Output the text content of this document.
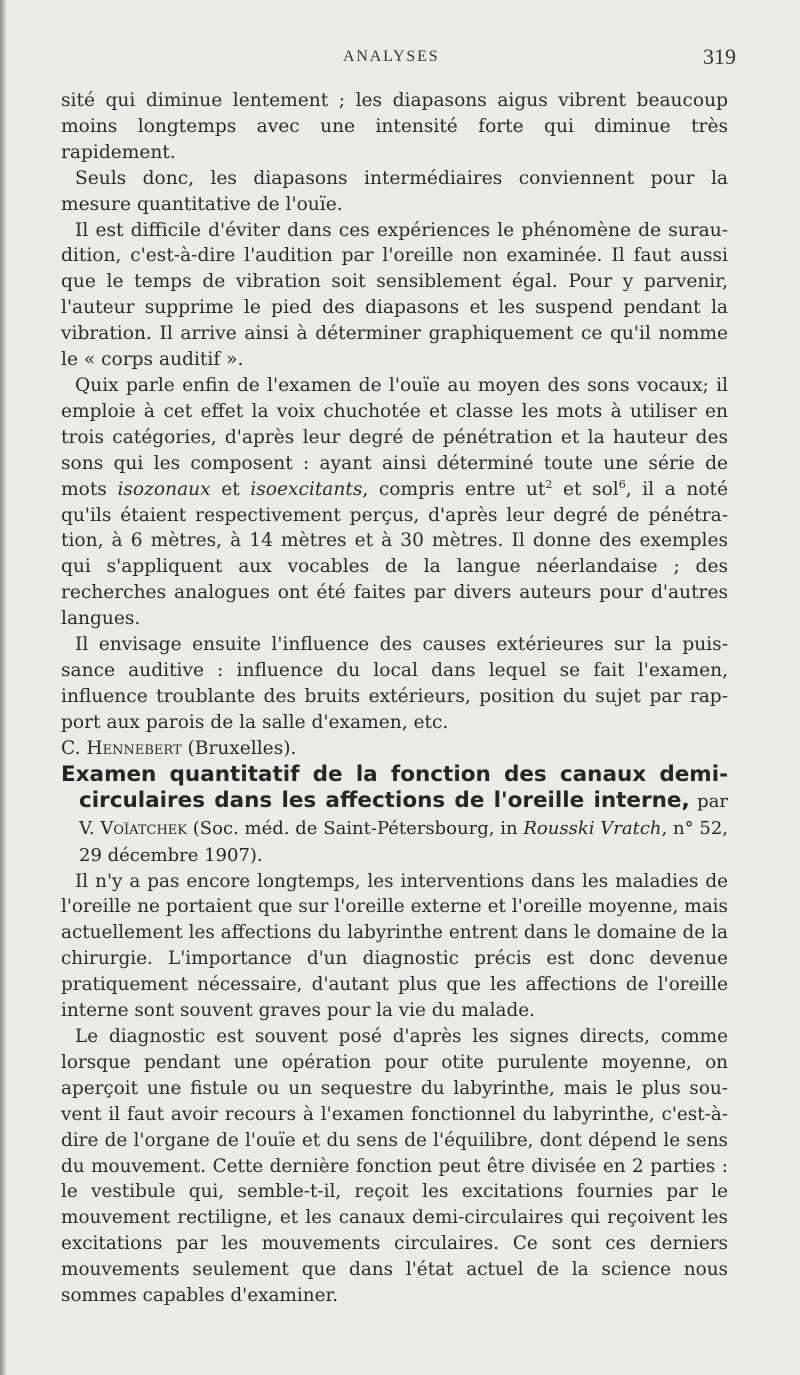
ANALYSES	319

sité qui diminue lentement ; les diapasons aigus vibrent beaucoup moins longtemps avec une intensité forte qui diminue très rapidement.

Seuls donc, les diapasons intermédiaires conviennent pour la mesure quantitative de l'ouïe.

Il est difficile d'éviter dans ces expériences le phénomène de suraudition, c'est-à-dire l'audition par l'oreille non examinée. Il faut aussi que le temps de vibration soit sensiblement égal. Pour y parvenir, l'auteur supprime le pied des diapasons et les suspend pendant la vibration. Il arrive ainsi à déterminer graphiquement ce qu'il nomme le « corps auditif ».

Quix parle enfin de l'examen de l'ouïe au moyen des sons vocaux; il emploie à cet effet la voix chuchotée et classe les mots à utiliser en trois catégories, d'après leur degré de pénétration et la hauteur des sons qui les composent : ayant ainsi déterminé toute une série de mots isozonaux et isoexcitants, compris entre $ut^2$ et sol$^6$, il a noté qu'ils étaient respectivement perçus, d'après leur degré de pénétration, à 6 mètres, à 14 mètres et à 30 mètres. Il donne des exemples qui s'appliquent aux vocables de la langue néerlandaise ; des recherches analogues ont été faites par divers auteurs pour d'autres langues.

Il envisage ensuite l'influence des causes extérieures sur la puissance auditive : influence du local dans lequel se fait l'examen, influence troublante des bruits extérieurs, position du sujet par rapport aux parois de la salle d'examen, etc.

C. Hennebert (Bruxelles).

Examen quantitatif de la fonction des canaux demi-circulaires dans les affections de l'oreille interne, par V. Voïatchek (Soc. méd. de Saint-Pétersbourg, in Rousski Vratch, n° 52, 29 décembre 1907).

Il n'y a pas encore longtemps, les interventions dans les maladies de l'oreille ne portaient que sur l'oreille externe et l'oreille moyenne, mais actuellement les affections du labyrinthe entrent dans le domaine de la chirurgie. L'importance d'un diagnostic précis est donc devenue pratiquement nécessaire, d'autant plus que les affections de l'oreille interne sont souvent graves pour la vie du malade.

Le diagnostic est souvent posé d'après les signes directs, comme lorsque pendant une opération pour otite purulente moyenne, on aperçoit une fistule ou un sequestre du labyrinthe, mais le plus souvent il faut avoir recours à l'examen fonctionnel du labyrinthe, c'est-à-dire de l'organe de l'ouïe et du sens de l'équilibre, dont dépend le sens du mouvement. Cette dernière fonction peut être divisée en 2 parties : le vestibule qui, semble-t-il, reçoit les excitations fournies par le mouvement rectiligne, et les canaux demi-circulaires qui reçoivent les excitations par les mouvements circulaires. Ce sont ces derniers mouvements seulement que dans l'état actuel de la science nous sommes capables d'examiner.
